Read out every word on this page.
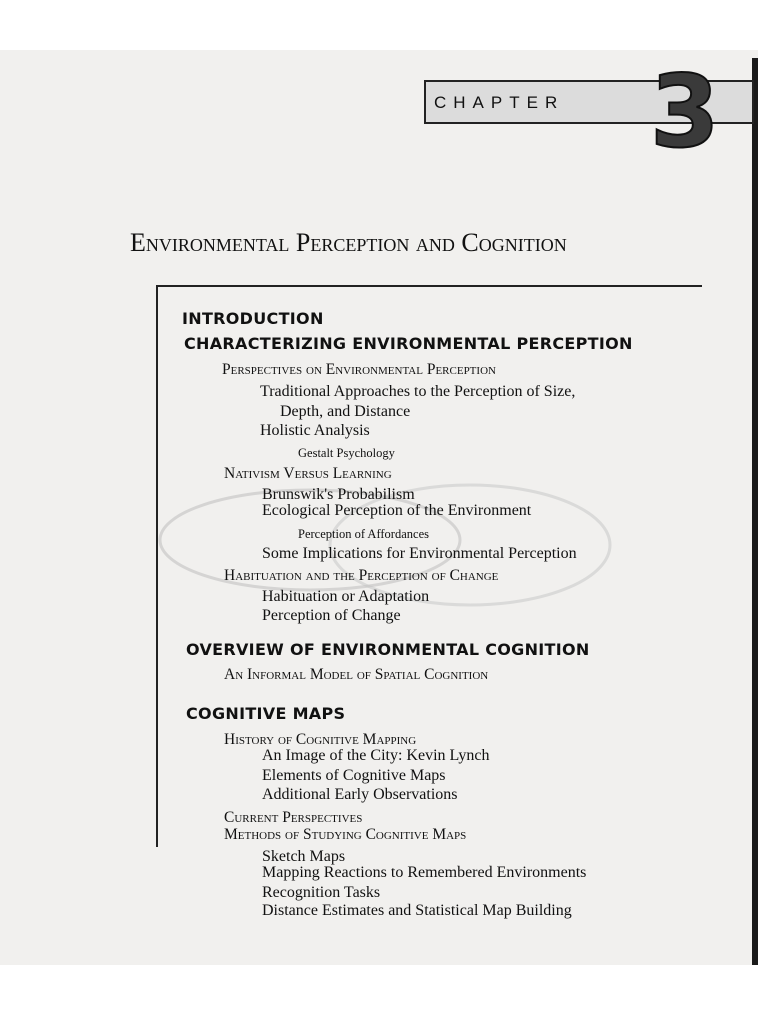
CHAPTER 3
Environmental Perception and Cognition
INTRODUCTION
CHARACTERIZING ENVIRONMENTAL PERCEPTION
Perspectives on Environmental Perception
Traditional Approaches to the Perception of Size,
Depth, and Distance
Holistic Analysis
Gestalt Psychology
Nativism Versus Learning
Brunswik's Probabilism
Ecological Perception of the Environment
Perception of Affordances
Some Implications for Environmental Perception
Habituation and the Perception of Change
Habituation or Adaptation
Perception of Change
OVERVIEW OF ENVIRONMENTAL COGNITION
An Informal Model of Spatial Cognition
COGNITIVE MAPS
History of Cognitive Mapping
An Image of the City: Kevin Lynch
Elements of Cognitive Maps
Additional Early Observations
Current Perspectives
Methods of Studying Cognitive Maps
Sketch Maps
Mapping Reactions to Remembered Environments
Recognition Tasks
Distance Estimates and Statistical Map Building
